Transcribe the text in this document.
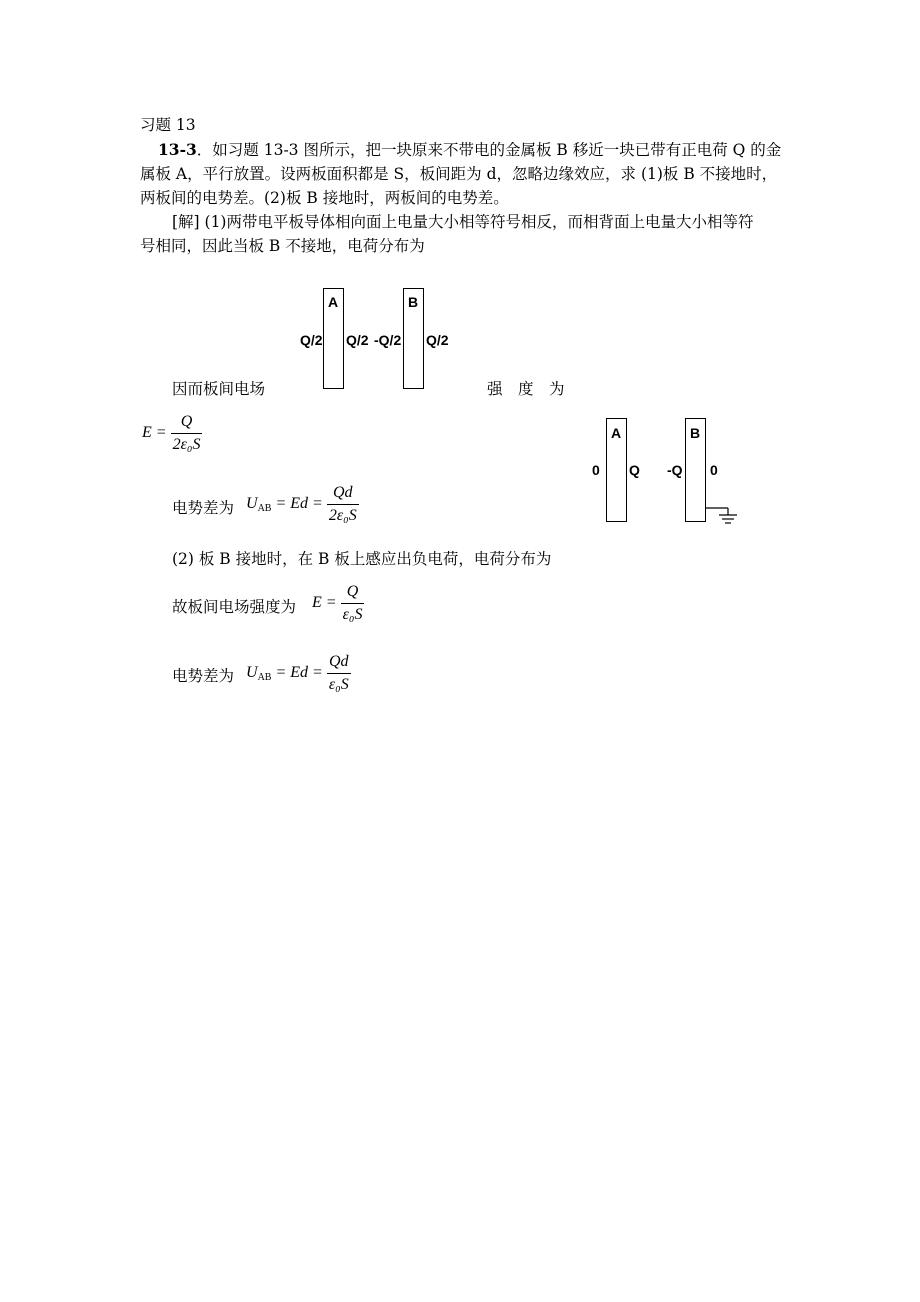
习题 13
13-3．如习题 13-3 图所示，把一块原来不带电的金属板 B 移近一块已带有正电荷 Q 的金
属板 A，平行放置。设两板面积都是 S，板间距为 d，忽略边缘效应，求 (1)板 B 不接地时，
两板间的电势差。(2)板 B 接地时，两板间的电势差。
[解] (1)两带电平板导体相向面上电量大小相等符号相反，而相背面上电量大小相等符
号相同，因此当板 B 不接地，电荷分布为
A	B
Q/2 Q/2 -Q/2 Q/2
因而板间电场	强　度　为
$E = \frac{Q}{\text{2ε₀S}}$	A	B
0 Q -Q 0
电势差为 $U_{AB} = Ed = \frac{Qd}{\text{2ε₀S}}$
(2) 板 B 接地时，在 B 板上感应出负电荷，电荷分布为
故板间电场强度为 $E = \frac{Q}{\text{ε₀S}}$
电势差为 $U_{AB} = Ed = \frac{Qd}{\text{ε₀S}}$
